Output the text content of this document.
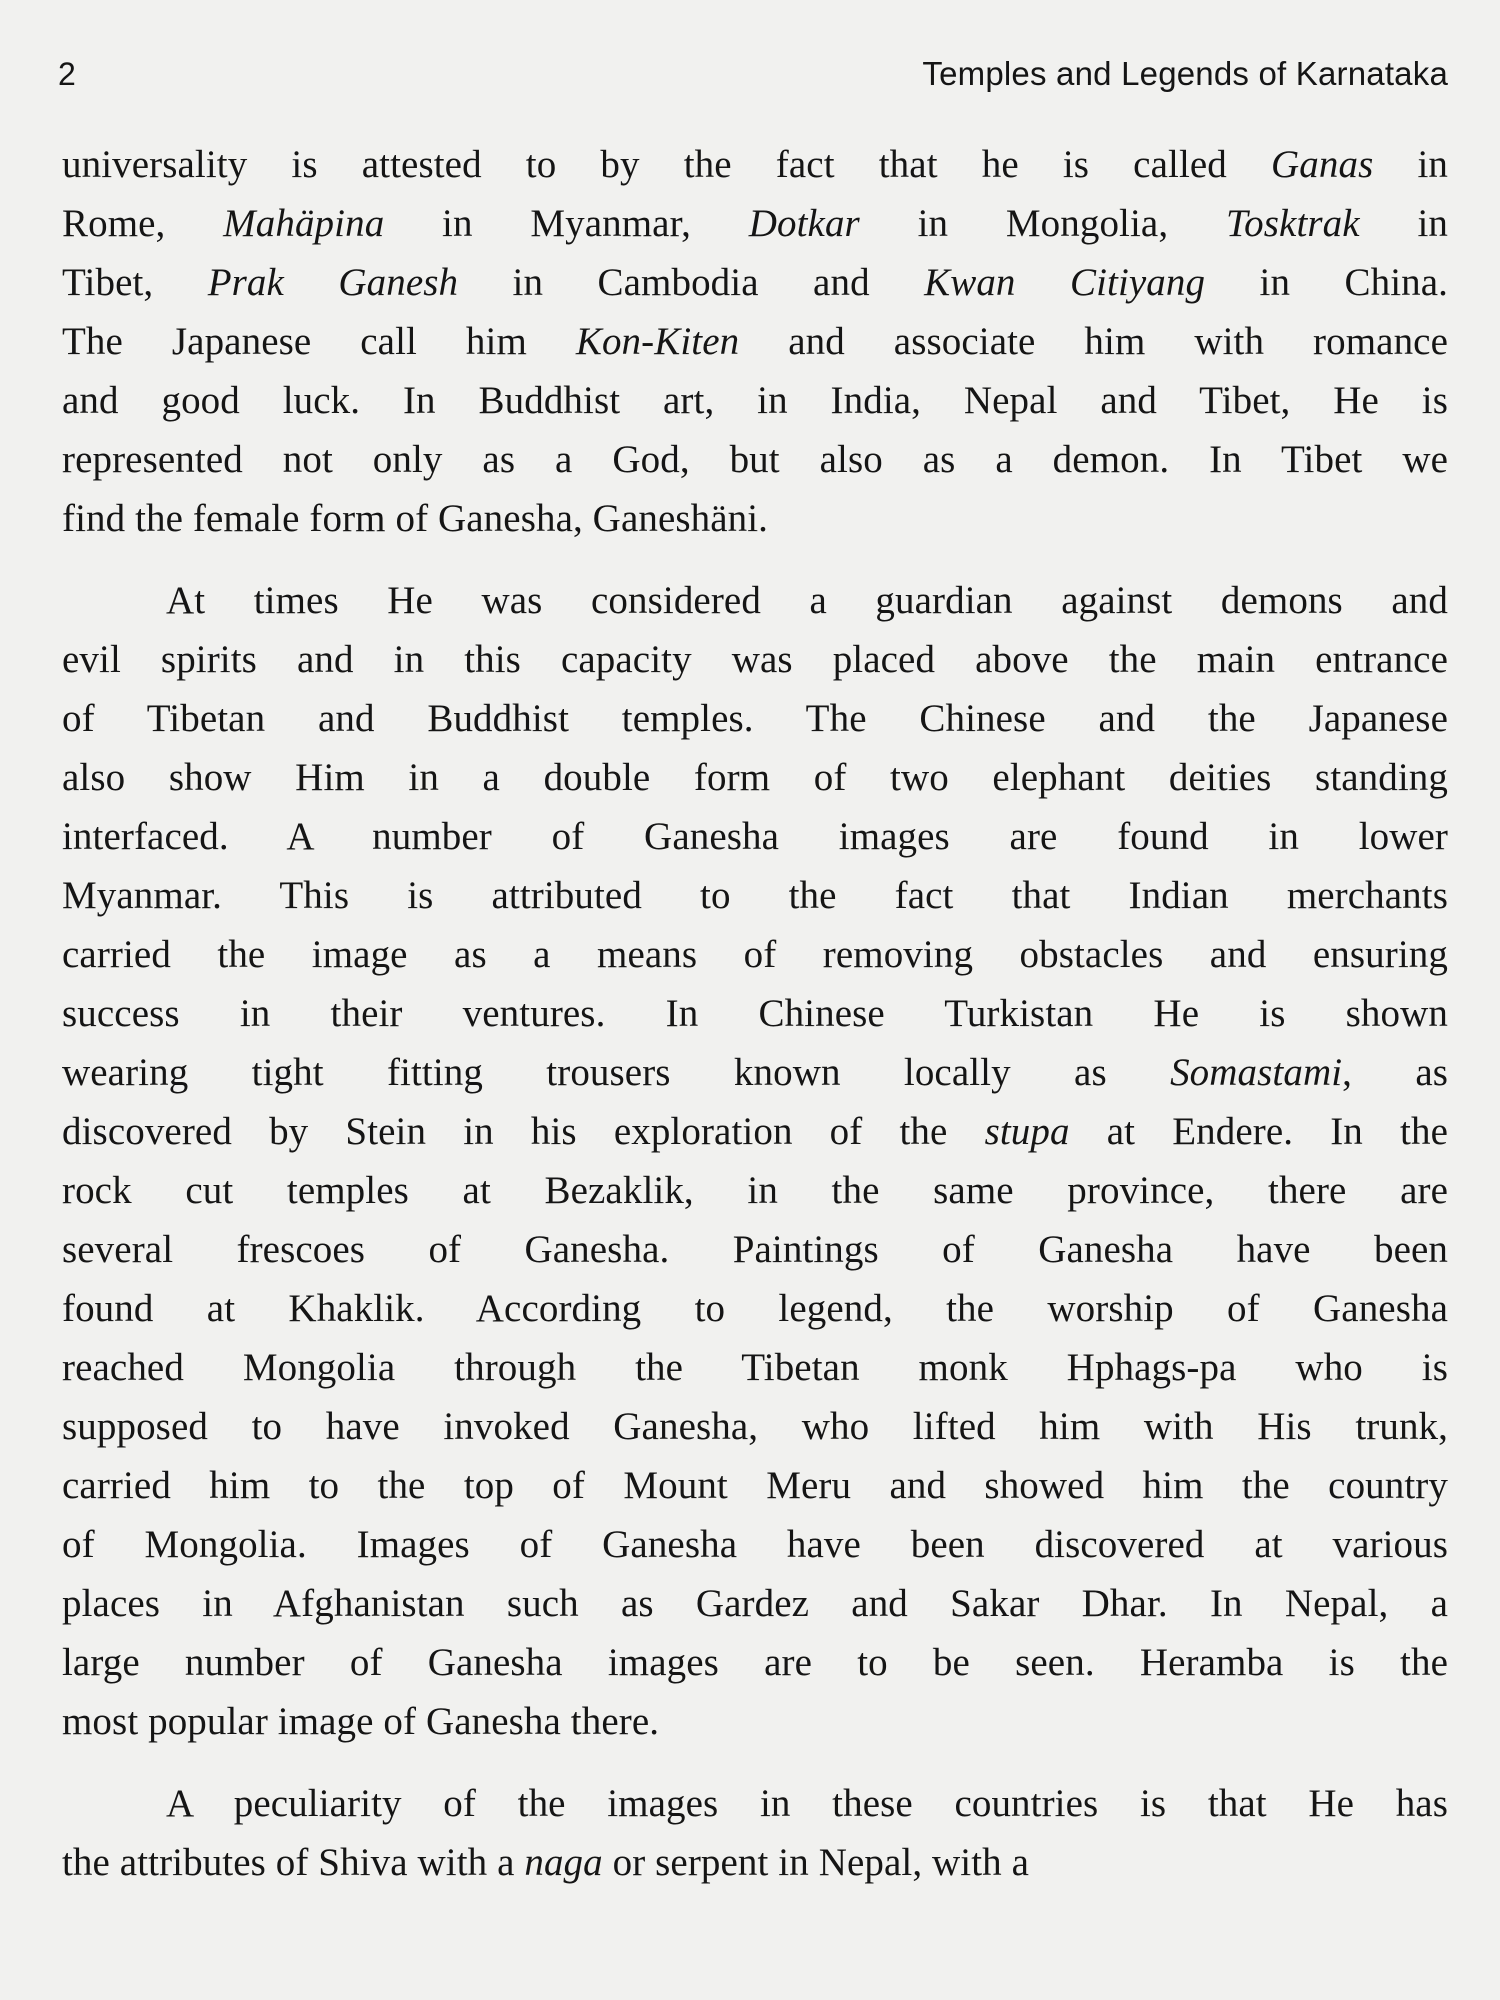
2	Temples and Legends of Karnataka
universality is attested to by the fact that he is called Ganas in
Rome, Mahäpina in Myanmar, Dotkar in Mongolia, Tosktrak in
Tibet, Prak Ganesh in Cambodia and Kwan Citiyang in China.
The Japanese call him Kon-Kiten and associate him with romance
and good luck. In Buddhist art, in India, Nepal and Tibet, He is
represented not only as a God, but also as a demon. In Tibet we
find the female form of Ganesha, Ganeshäni.
At times He was considered a guardian against demons and
evil spirits and in this capacity was placed above the main entrance
of Tibetan and Buddhist temples. The Chinese and the Japanese
also show Him in a double form of two elephant deities standing
interfaced. A number of Ganesha images are found in lower
Myanmar. This is attributed to the fact that Indian merchants
carried the image as a means of removing obstacles and ensuring
success in their ventures. In Chinese Turkistan He is shown
wearing tight fitting trousers known locally as Somastami, as
discovered by Stein in his exploration of the stupa at Endere. In the
rock cut temples at Bezaklik, in the same province, there are
several frescoes of Ganesha. Paintings of Ganesha have been
found at Khaklik. According to legend, the worship of Ganesha
reached Mongolia through the Tibetan monk Hphags-pa who is
supposed to have invoked Ganesha, who lifted him with His trunk,
carried him to the top of Mount Meru and showed him the country
of Mongolia. Images of Ganesha have been discovered at various
places in Afghanistan such as Gardez and Sakar Dhar. In Nepal, a
large number of Ganesha images are to be seen. Heramba is the
most popular image of Ganesha there.
A peculiarity of the images in these countries is that He has
the attributes of Shiva with a naga or serpent in Nepal, with a
